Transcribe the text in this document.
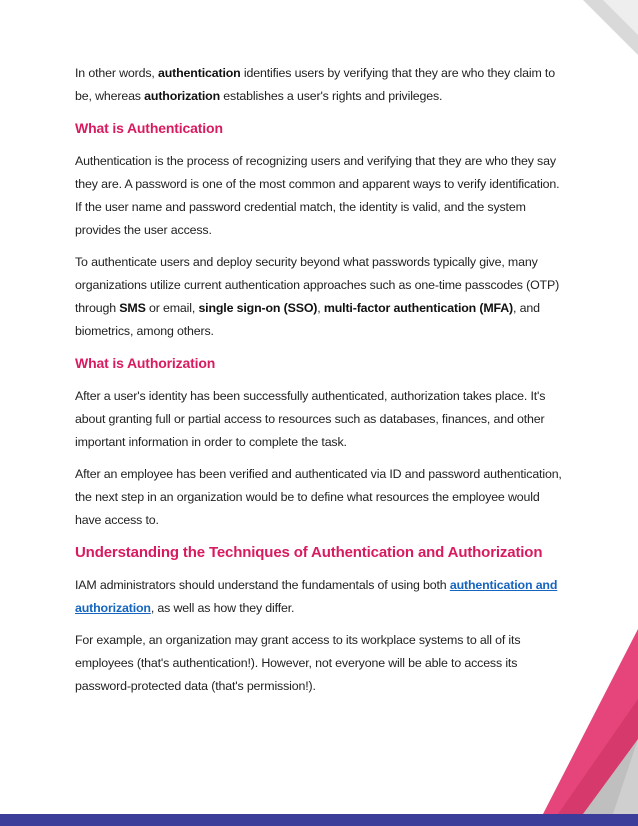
In other words, authentication identifies users by verifying that they are who they claim to be, whereas authorization establishes a user's rights and privileges.

What is Authentication

Authentication is the process of recognizing users and verifying that they are who they say they are. A password is one of the most common and apparent ways to verify identification. If the user name and password credential match, the identity is valid, and the system provides the user access.

To authenticate users and deploy security beyond what passwords typically give, many organizations utilize current authentication approaches such as one-time passcodes (OTP) through SMS or email, single sign-on (SSO), multi-factor authentication (MFA), and biometrics, among others.

What is Authorization

After a user's identity has been successfully authenticated, authorization takes place. It's about granting full or partial access to resources such as databases, finances, and other important information in order to complete the task.

After an employee has been verified and authenticated via ID and password authentication, the next step in an organization would be to define what resources the employee would have access to.

Understanding the Techniques of Authentication and Authorization

IAM administrators should understand the fundamentals of using both authentication and authorization, as well as how they differ.

For example, an organization may grant access to its workplace systems to all of its employees (that's authentication!). However, not everyone will be able to access its password-protected data (that's permission!).
